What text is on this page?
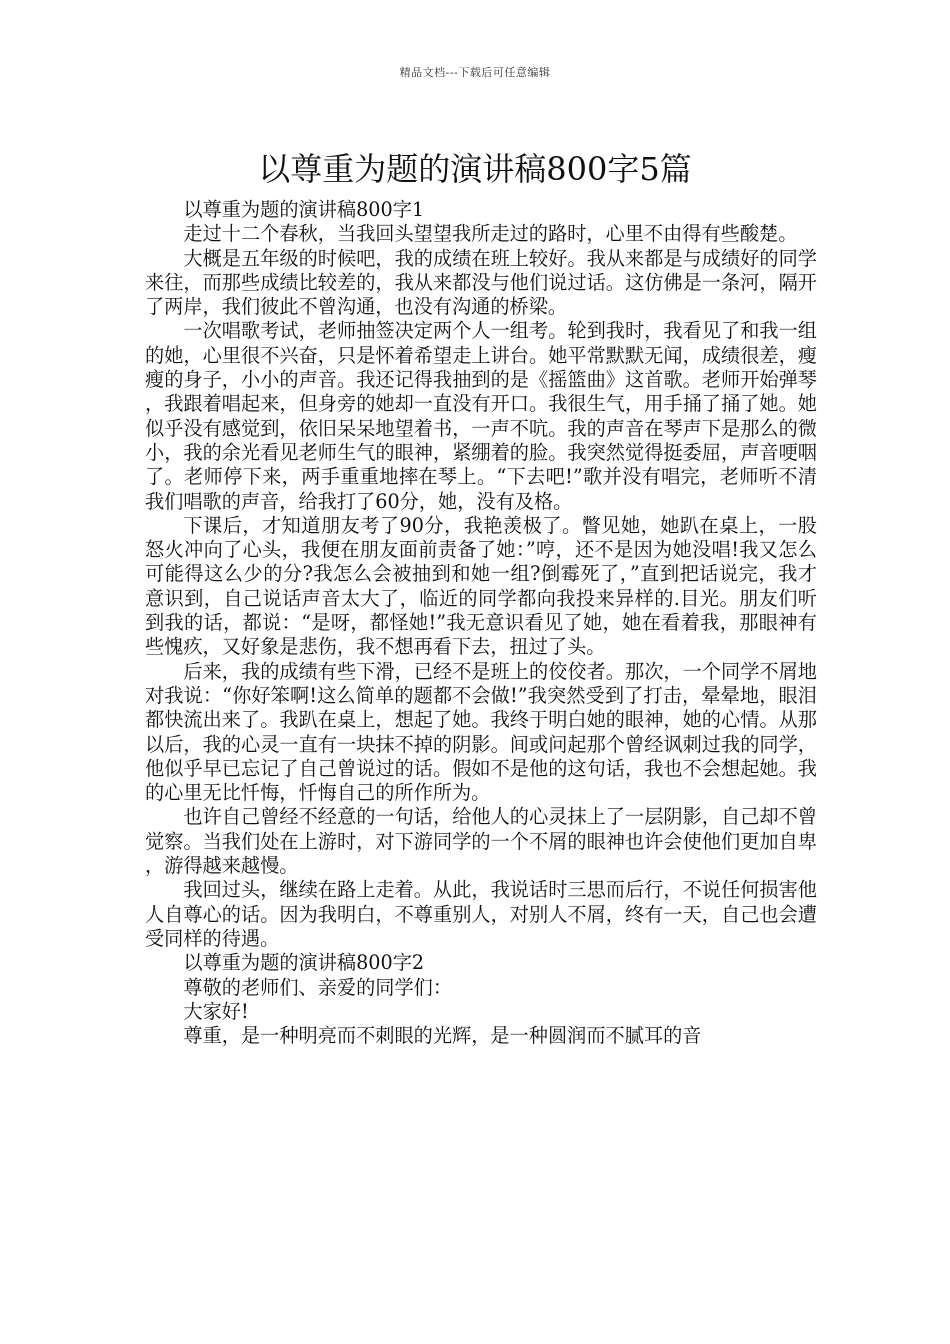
精品文档---下载后可任意编辑
以尊重为题的演讲稿800字5篇

以尊重为题的演讲稿800字1

走过十二个春秋，当我回头望望我所走过的路时，心里不由得有些酸楚。

大概是五年级的时候吧，我的成绩在班上较好。我从来都是与成绩好的同学来往，而那些成绩比较差的，我从来都没与他们说过话。这仿佛是一条河，隔开了两岸，我们彼此不曾沟通，也没有沟通的桥梁。

一次唱歌考试，老师抽签决定两个人一组考。轮到我时，我看见了和我一组的她，心里很不兴奋，只是怀着希望走上讲台。她平常默默无闻，成绩很差，瘦瘦的身子，小小的声音。我还记得我抽到的是《摇篮曲》这首歌。老师开始弹琴，我跟着唱起来，但身旁的她却一直没有开口。我很生气，用手捅了捅了她。她似乎没有感觉到，依旧呆呆地望着书，一声不吭。我的声音在琴声下是那么的微小，我的余光看见老师生气的眼神，紧绷着的脸。我突然觉得挺委屈，声音哽咽了。老师停下来，两手重重地摔在琴上。“下去吧!”歌并没有唱完，老师听不清我们唱歌的声音，给我打了60分，她，没有及格。

下课后，才知道朋友考了90分，我艳羡极了。瞥见她，她趴在桌上，一股怒火冲向了心头，我便在朋友面前责备了她：”哼，还不是因为她没唱!我又怎么可能得这么少的分?我怎么会被抽到和她一组?倒霉死了，”直到把话说完，我才意识到，自己说话声音太大了，临近的同学都向我投来异样的.目光。朋友们听到我的话，都说：“是呀，都怪她!”我无意识看见了她，她在看着我，那眼神有些愧疚，又好象是悲伤，我不想再看下去，扭过了头。

后来，我的成绩有些下滑，已经不是班上的佼佼者。那次，一个同学不屑地对我说：“你好笨啊!这么简单的题都不会做!”我突然受到了打击，晕晕地，眼泪都快流出来了。我趴在桌上，想起了她。我终于明白她的眼神，她的心情。从那以后，我的心灵一直有一块抹不掉的阴影。间或问起那个曾经讽刺过我的同学，他似乎早已忘记了自己曾说过的话。假如不是他的这句话，我也不会想起她。我的心里无比忏悔，忏悔自己的所作所为。

也许自己曾经不经意的一句话，给他人的心灵抹上了一层阴影，自己却不曾觉察。当我们处在上游时，对下游同学的一个不屑的眼神也许会使他们更加自卑，游得越来越慢。

我回过头，继续在路上走着。从此，我说话时三思而后行，不说任何损害他人自尊心的话。因为我明白，不尊重别人，对别人不屑，终有一天，自己也会遭受同样的待遇。

以尊重为题的演讲稿800字2

尊敬的老师们、亲爱的同学们：

大家好!

尊重，是一种明亮而不刺眼的光辉，是一种圆润而不腻耳的音
